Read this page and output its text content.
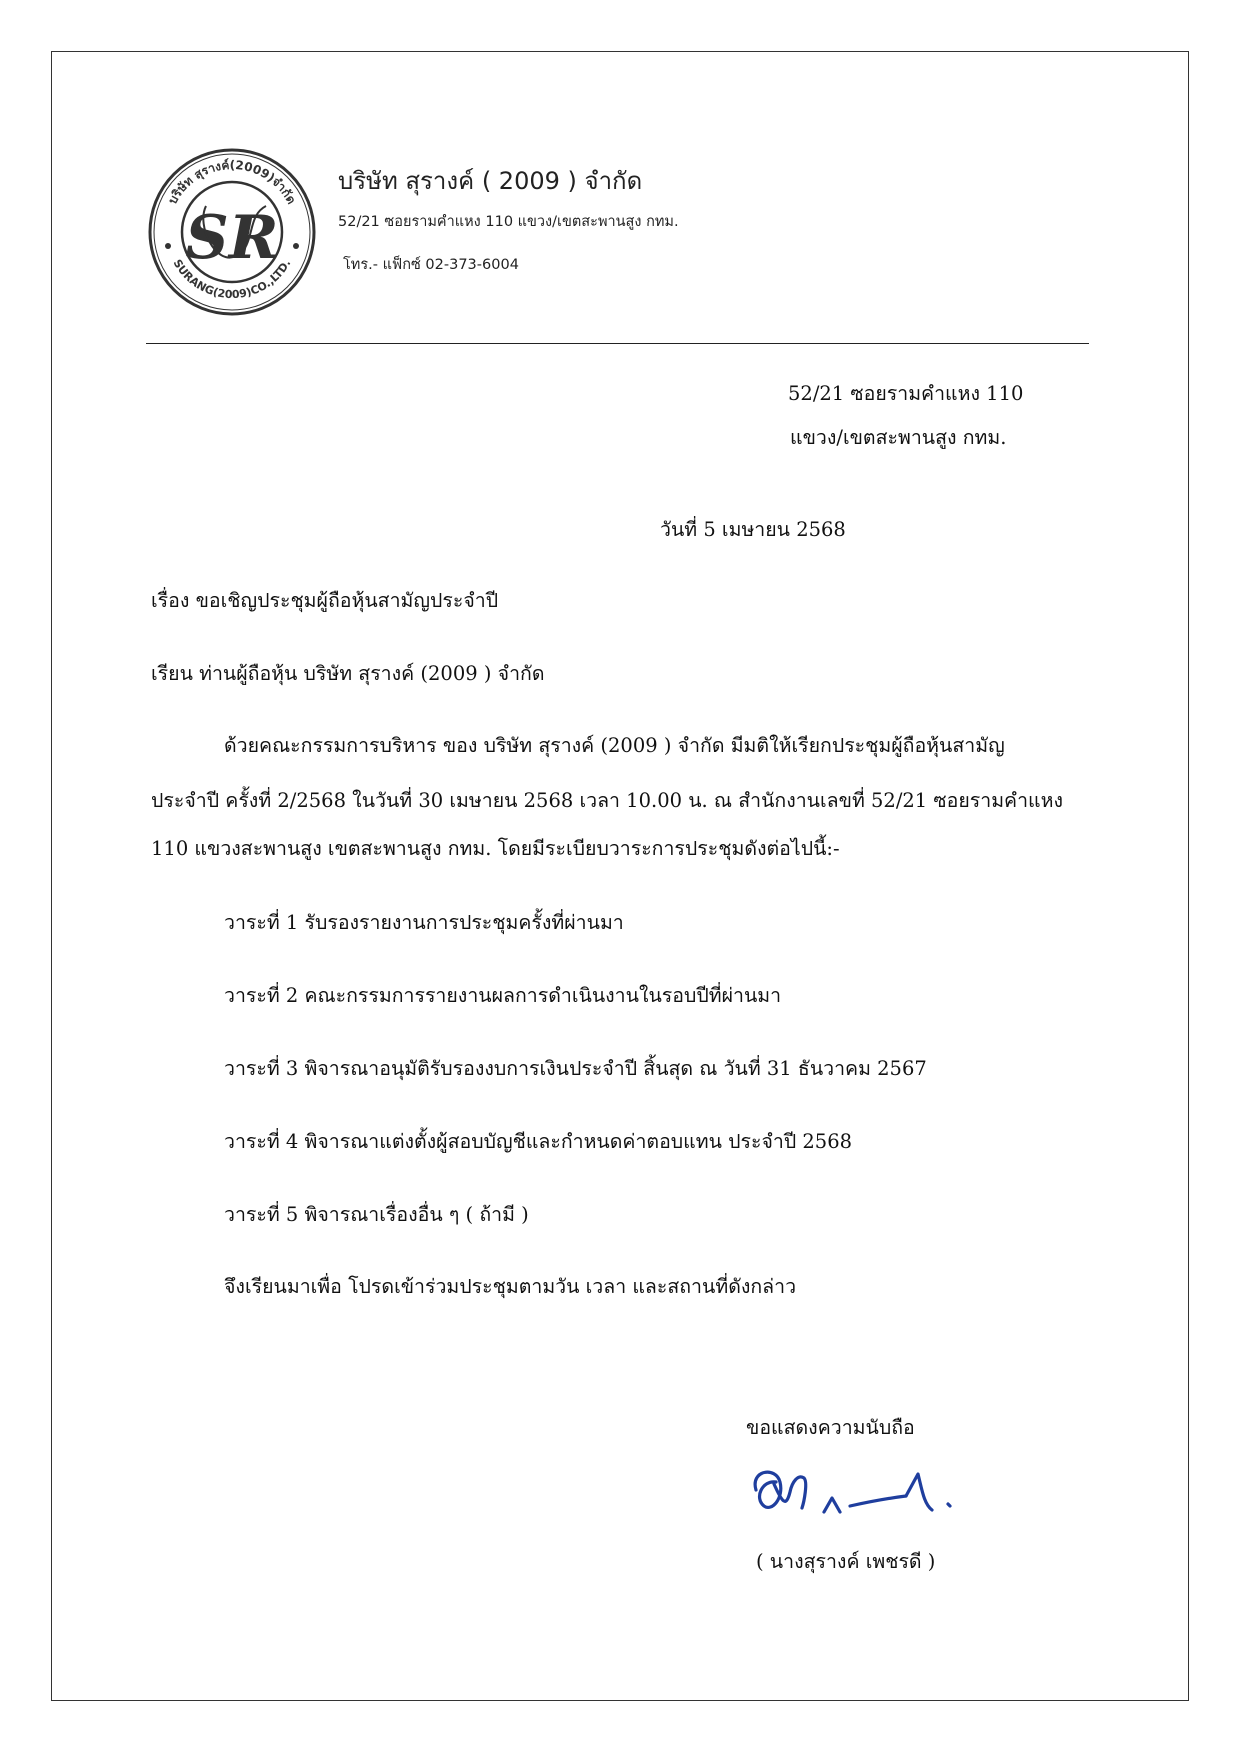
บริษัท สุรางค์(2009)จำกัด
SURANG(2009)CO.,LTD.
SR
บริษัท สุรางค์ ( 2009 ) จำกัด
52/21 ซอยรามคำแหง 110 แขวง/เขตสะพานสูง กทม.
โทร.- แฟ็กซ์ 02-373-6004
52/21 ซอยรามคำแหง 110
แขวง/เขตสะพานสูง กทม.
วันที่ 5 เมษายน 2568
เรื่อง ขอเชิญประชุมผู้ถือหุ้นสามัญประจำปี
เรียน ท่านผู้ถือหุ้น บริษัท สุรางค์ (2009 ) จำกัด
ด้วยคณะกรรมการบริหาร ของ บริษัท สุรางค์ (2009 ) จำกัด มีมติให้เรียกประชุมผู้ถือหุ้นสามัญ
ประจำปี ครั้งที่ 2/2568 ในวันที่ 30 เมษายน 2568 เวลา 10.00 น. ณ สำนักงานเลขที่ 52/21 ซอยรามคำแหง
110 แขวงสะพานสูง เขตสะพานสูง กทม. โดยมีระเบียบวาระการประชุมดังต่อไปนี้:-
วาระที่ 1 รับรองรายงานการประชุมครั้งที่ผ่านมา
วาระที่ 2 คณะกรรมการรายงานผลการดำเนินงานในรอบปีที่ผ่านมา
วาระที่ 3 พิจารณาอนุมัติรับรองงบการเงินประจำปี สิ้นสุด ณ วันที่ 31 ธันวาคม 2567
วาระที่ 4 พิจารณาแต่งตั้งผู้สอบบัญชีและกำหนดค่าตอบแทน ประจำปี 2568
วาระที่ 5 พิจารณาเรื่องอื่น ๆ ( ถ้ามี )
จึงเรียนมาเพื่อ โปรดเข้าร่วมประชุมตามวัน เวลา และสถานที่ดังกล่าว
ขอแสดงความนับถือ
( นางสุรางค์ เพชรดี )
